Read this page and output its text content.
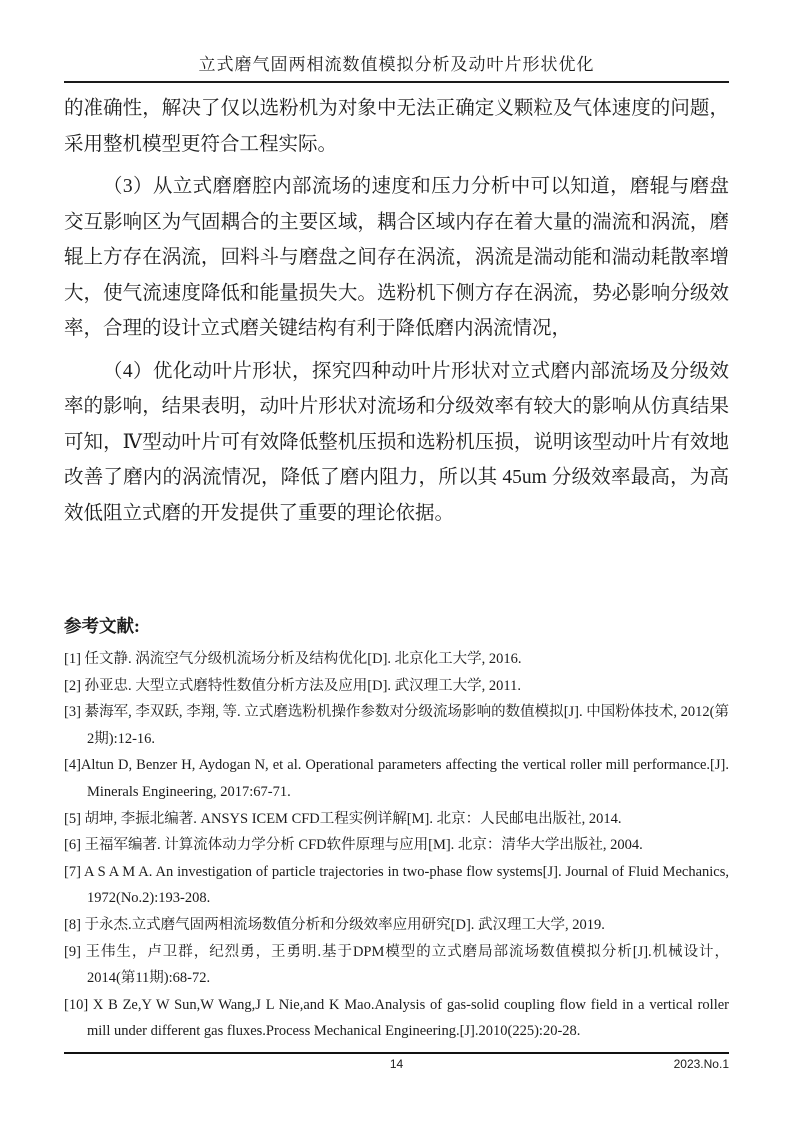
立式磨气固两相流数值模拟分析及动叶片形状优化

的准确性，解决了仅以选粉机为对象中无法正确定义颗粒及气体速度的问题，采用整机模型更符合工程实际。

（3）从立式磨磨腔内部流场的速度和压力分析中可以知道，磨辊与磨盘交互影响区为气固耦合的主要区域，耦合区域内存在着大量的湍流和涡流，磨辊上方存在涡流，回料斗与磨盘之间存在涡流，涡流是湍动能和湍动耗散率增大，使气流速度降低和能量损失大。选粉机下侧方存在涡流，势必影响分级效率，合理的设计立式磨关键结构有利于降低磨内涡流情况，

（4）优化动叶片形状，探究四种动叶片形状对立式磨内部流场及分级效率的影响，结果表明，动叶片形状对流场和分级效率有较大的影响从仿真结果可知，Ⅳ型动叶片可有效降低整机压损和选粉机压损，说明该型动叶片有效地改善了磨内的涡流情况，降低了磨内阻力，所以其 45um 分级效率最高，为高效低阻立式磨的开发提供了重要的理论依据。

参考文献:
[1] 任文静. 涡流空气分级机流场分析及结构优化[D]. 北京化工大学, 2016.
[2] 孙亚忠. 大型立式磨特性数值分析方法及应用[D]. 武汉理工大学, 2011.
[3] 綦海军, 李双跃, 李翔, 等. 立式磨选粉机操作参数对分级流场影响的数值模拟[J]. 中国粉体技术, 2012(第2期):12-16.
[4]Altun D, Benzer H, Aydogan N, et al. Operational parameters affecting the vertical roller mill performance.[J]. Minerals Engineering, 2017:67-71.
[5] 胡坤, 李振北编著. ANSYS ICEM CFD工程实例详解[M]. 北京：人民邮电出版社, 2014.
[6] 王福军编著. 计算流体动力学分析 CFD软件原理与应用[M]. 北京：清华大学出版社, 2004.
[7] A S A M A. An investigation of particle trajectories in two-phase flow systems[J]. Journal of Fluid Mechanics, 1972(No.2):193-208.
[8] 于永杰.立式磨气固两相流场数值分析和分级效率应用研究[D]. 武汉理工大学, 2019.
[9] 王伟生，卢卫群，纪烈勇，王勇明.基于DPM模型的立式磨局部流场数值模拟分析[J].机械设计，2014(第11期):68-72.
[10] X B Ze,Y W Sun,W Wang,J L Nie,and K Mao.Analysis of gas-solid coupling flow field in a vertical roller mill under different gas fluxes.Process Mechanical Engineering.[J].2010(225):20-28.
14	2023.No.1
